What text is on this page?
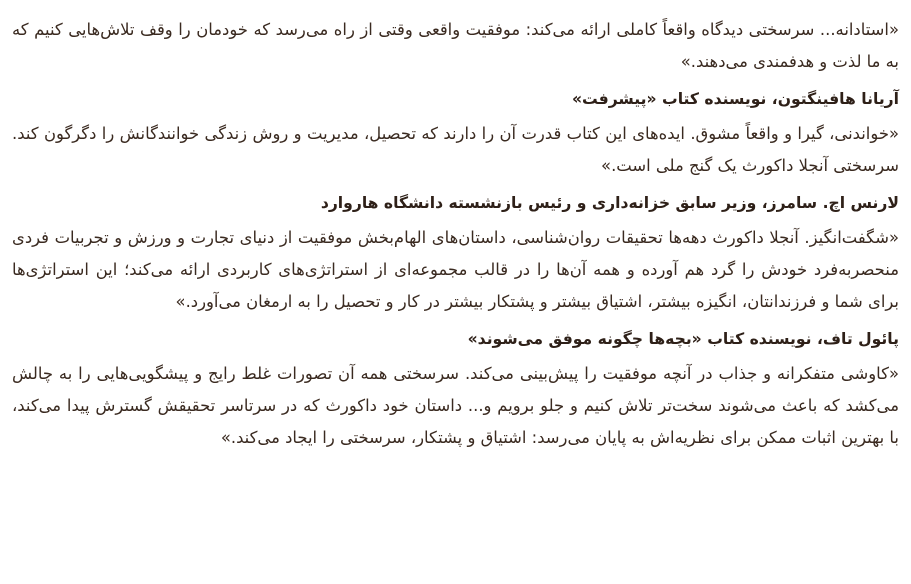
«استادانه... سرسختی دیدگاه واقعاً کاملی ارائه می‌کند: موفقیت واقعی وقتی از راه می‌رسد که خودمان را وقف تلاش‌هایی کنیم که به ما لذت و هدفمندی می‌دهند.»

آریانا هافینگتون، نویسنده کتاب «پیشرفت»

«خواندنی، گیرا و واقعاً مشوق. ایده‌های این کتاب قدرت آن را دارند که تحصیل، مدیریت و روش زندگی خوانندگانش را دگرگون کند. سرسختی آنجلا داکورث یک گنج ملی است.»

لارنس اچ. سامرز، وزیر سابق خزانه‌داری و رئیس بازنشسته دانشگاه هاروارد

«شگفت‌انگیز. آنجلا داکورث دهه‌ها تحقیقات روان‌شناسی، داستان‌های الهام‌بخش موفقیت از دنیای تجارت و ورزش و تجربیات فردی منحصربه‌فرد خودش را گرد هم آورده و همه آن‌ها را در قالب مجموعه‌ای از استراتژی‌های کاربردی ارائه می‌کند؛ این استراتژی‌ها برای شما و فرزندانتان، انگیزه بیشتر، اشتیاق بیشتر و پشتکار بیشتر در کار و تحصیل را به ارمغان می‌آورد.»

پائول تاف، نویسنده کتاب «بچه‌ها چگونه موفق می‌شوند»

«کاوشی متفکرانه و جذاب در آنچه موفقیت را پیش‌بینی می‌کند. سرسختی همه آن تصورات غلط رایج و پیشگویی‌هایی را به چالش می‌کشد که باعث می‌شوند سخت‌تر تلاش کنیم و جلو برویم و... داستان خود داکورث که در سرتاسر تحقیقش گسترش پیدا می‌کند، با بهترین اثبات ممکن برای نظریه‌اش به پایان می‌رسد: اشتیاق و پشتکار، سرسختی را ایجاد می‌کند.»
